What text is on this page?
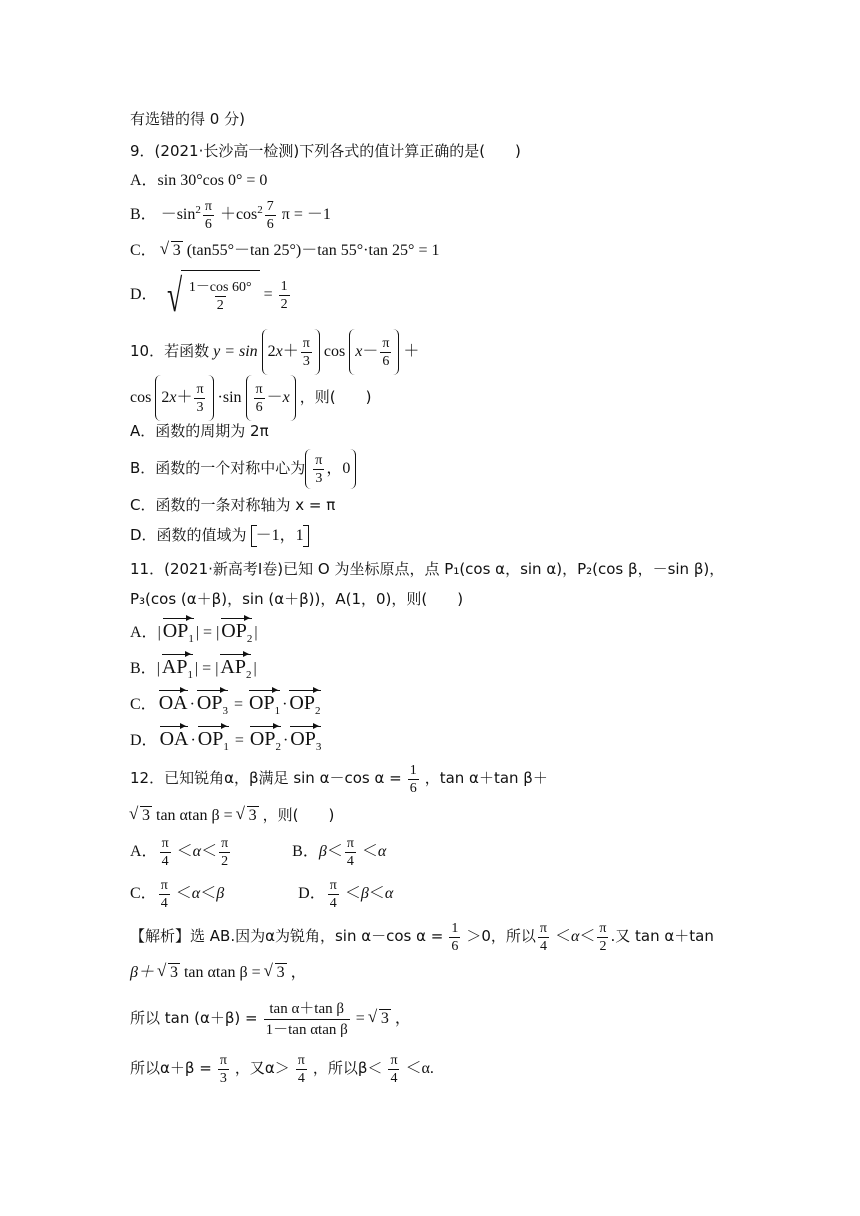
有选错的得 0 分)
9．(2021·长沙高一检测)下列各式的值计算正确的是(　　)
A．sin 30°cos 0° = 0
B． $-\sin^2 \frac{\pi}{6} +\cos^2 \frac{7}{6}$ π = －1
C． √ 3 (tan55°－tan 25°)－tan 55°·tan 25° = 1
D． √ $\frac{1-\cos 60^\circ}{2} = \frac{1}{2}$
10．若函数 $y = \sin 2x+ \frac{\pi}{3}$ $\cos x- \frac{\pi}{6}$ ＋
$\cos 2x+ \frac{\pi}{3} \cdot\sin \frac{\pi}{6} -x$ ，则(　　)
A．函数的周期为 2π
B．函数的一个对称中心为 $\frac{\pi}{3}$ ，0
C．函数的一条对称轴为 x = π
D．函数的值域为 －1，1
11．(2021·新高考Ⅰ卷)已知 O 为坐标原点，点 P₁(cos α，sin α)，P₂(cos β，－sin β)，
P₃(cos (α＋β)，sin (α＋β))，A(1，0)，则(　　)
A．| $OP_1$ | = | $OP_2$ |
B．| $AP_1$ | = | $AP_2$ |
C． OA · $OP_3 = OP_1 \cdot OP_2$
D． OA · $OP_1 = OP_2 \cdot OP_3$
12．已知锐角α，β满足 sin α－cos $\alpha = \frac{1}{6}$ ，tan α＋tan β＋
√ 3 tan αtan β = √ 3 ，则(　　)
A． $\frac{\pi}{4} <\alpha< \frac{\pi}{2}$	B．$\beta< \frac{\pi}{4} <\alpha$
C． $\frac{\pi}{4} <\alpha<\beta$	D． $\frac{\pi}{4} <\beta<\alpha$
【解析】选 AB.因为α为锐角，sin α－cos $\alpha = \frac{1}{6} >0$，所以 $\frac{\pi}{4} <\alpha< \frac{\pi}{2}$ .又 tan α＋tan
β＋ √ 3 tan αtan β = √ 3 ，
所以 $\tan (\alpha+\beta) = \frac{\text{tan α＋tan β}}{\text{1－tan αtan β}}$ = √ 3 ，
所以$\alpha+\beta = \frac{\pi}{3}$ ，又$\alpha> \frac{\pi}{4}$ ，所以$\beta< \frac{\pi}{4} <\alpha$.
